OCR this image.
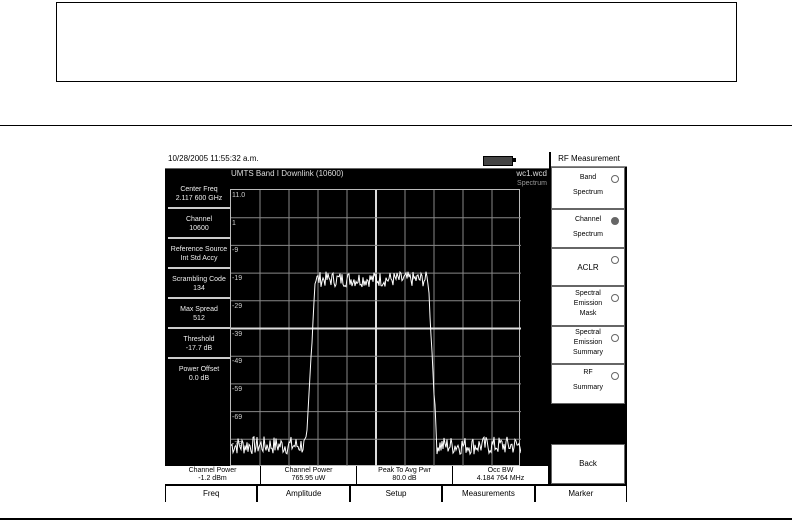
10/28/2005 11:55:32 a.m.	RF Measurement
UMTS Band I Downlink (10600)	wc1.wcd
Spectrum
Center Freq
2.117 600 GHz
Channel
10600
Reference Source
Int Std Accy
Scrambling Code
134
Max Spread
512
Threshold
-17.7 dB
Power Offset
0.0 dB
11.0
1
-9
-19
-29
-39
-49
-59
-69
-79
Channel Power
-1.2 dBm
Channel Power
765.95 uW
Peak To Avg Pwr
80.0 dB
Occ BW
4.184 764 MHz
Band
Spectrum
Channel
Spectrum
ACLR
Spectral
Emission
Mask
Spectral
Emission
Summary
RF
Summary
Back
Freq	Amplitude	Setup	Measurements	Marker
